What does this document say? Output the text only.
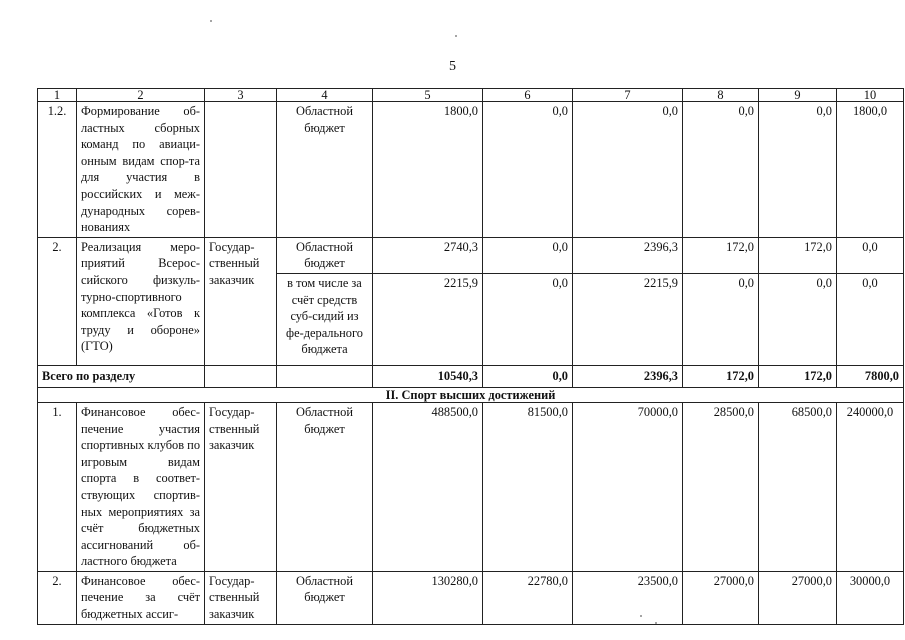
5
1	2	3	4	5	6	7	8	9	10
1.2.	Формирование об-ластных сборных команд по авиаци-онным видам спор-та для участия в российских и меж-дународных сорев-нованиях		Областной бюджет	1800,0	0,0	0,0	0,0	0,0	1800,0
2.	Реализация меро-приятий Всерос-сийского физкуль-турно-спортивного комплекса «Готов к труду и обороне» (ГТО)	Государ-ственный заказчик	Областной бюджет	2740,3	0,0	2396,3	172,0	172,0	0,0
			в том числе за счёт средств суб-сидий из фе-дерального бюджета	2215,9	0,0	2215,9	0,0	0,0	0,0
Всего по разделу				10540,3	0,0	2396,3	172,0	172,0	7800,0
II. Спорт высших достижений									
1.	Финансовое обес-печение участия спортивных клубов по игровым видам спорта в соответ-ствующих спортив-ных мероприятиях за счёт бюджетных ассигнований об-ластного бюджета	Государ-ственный заказчик	Областной бюджет	488500,0	81500,0	70000,0	28500,0	68500,0	240000,0
2.	Финансовое обес-печение за счёт бюджетных ассиг-	Государ-ственный заказчик	Областной бюджет	130280,0	22780,0	23500,0	27000,0	27000,0	30000,0
